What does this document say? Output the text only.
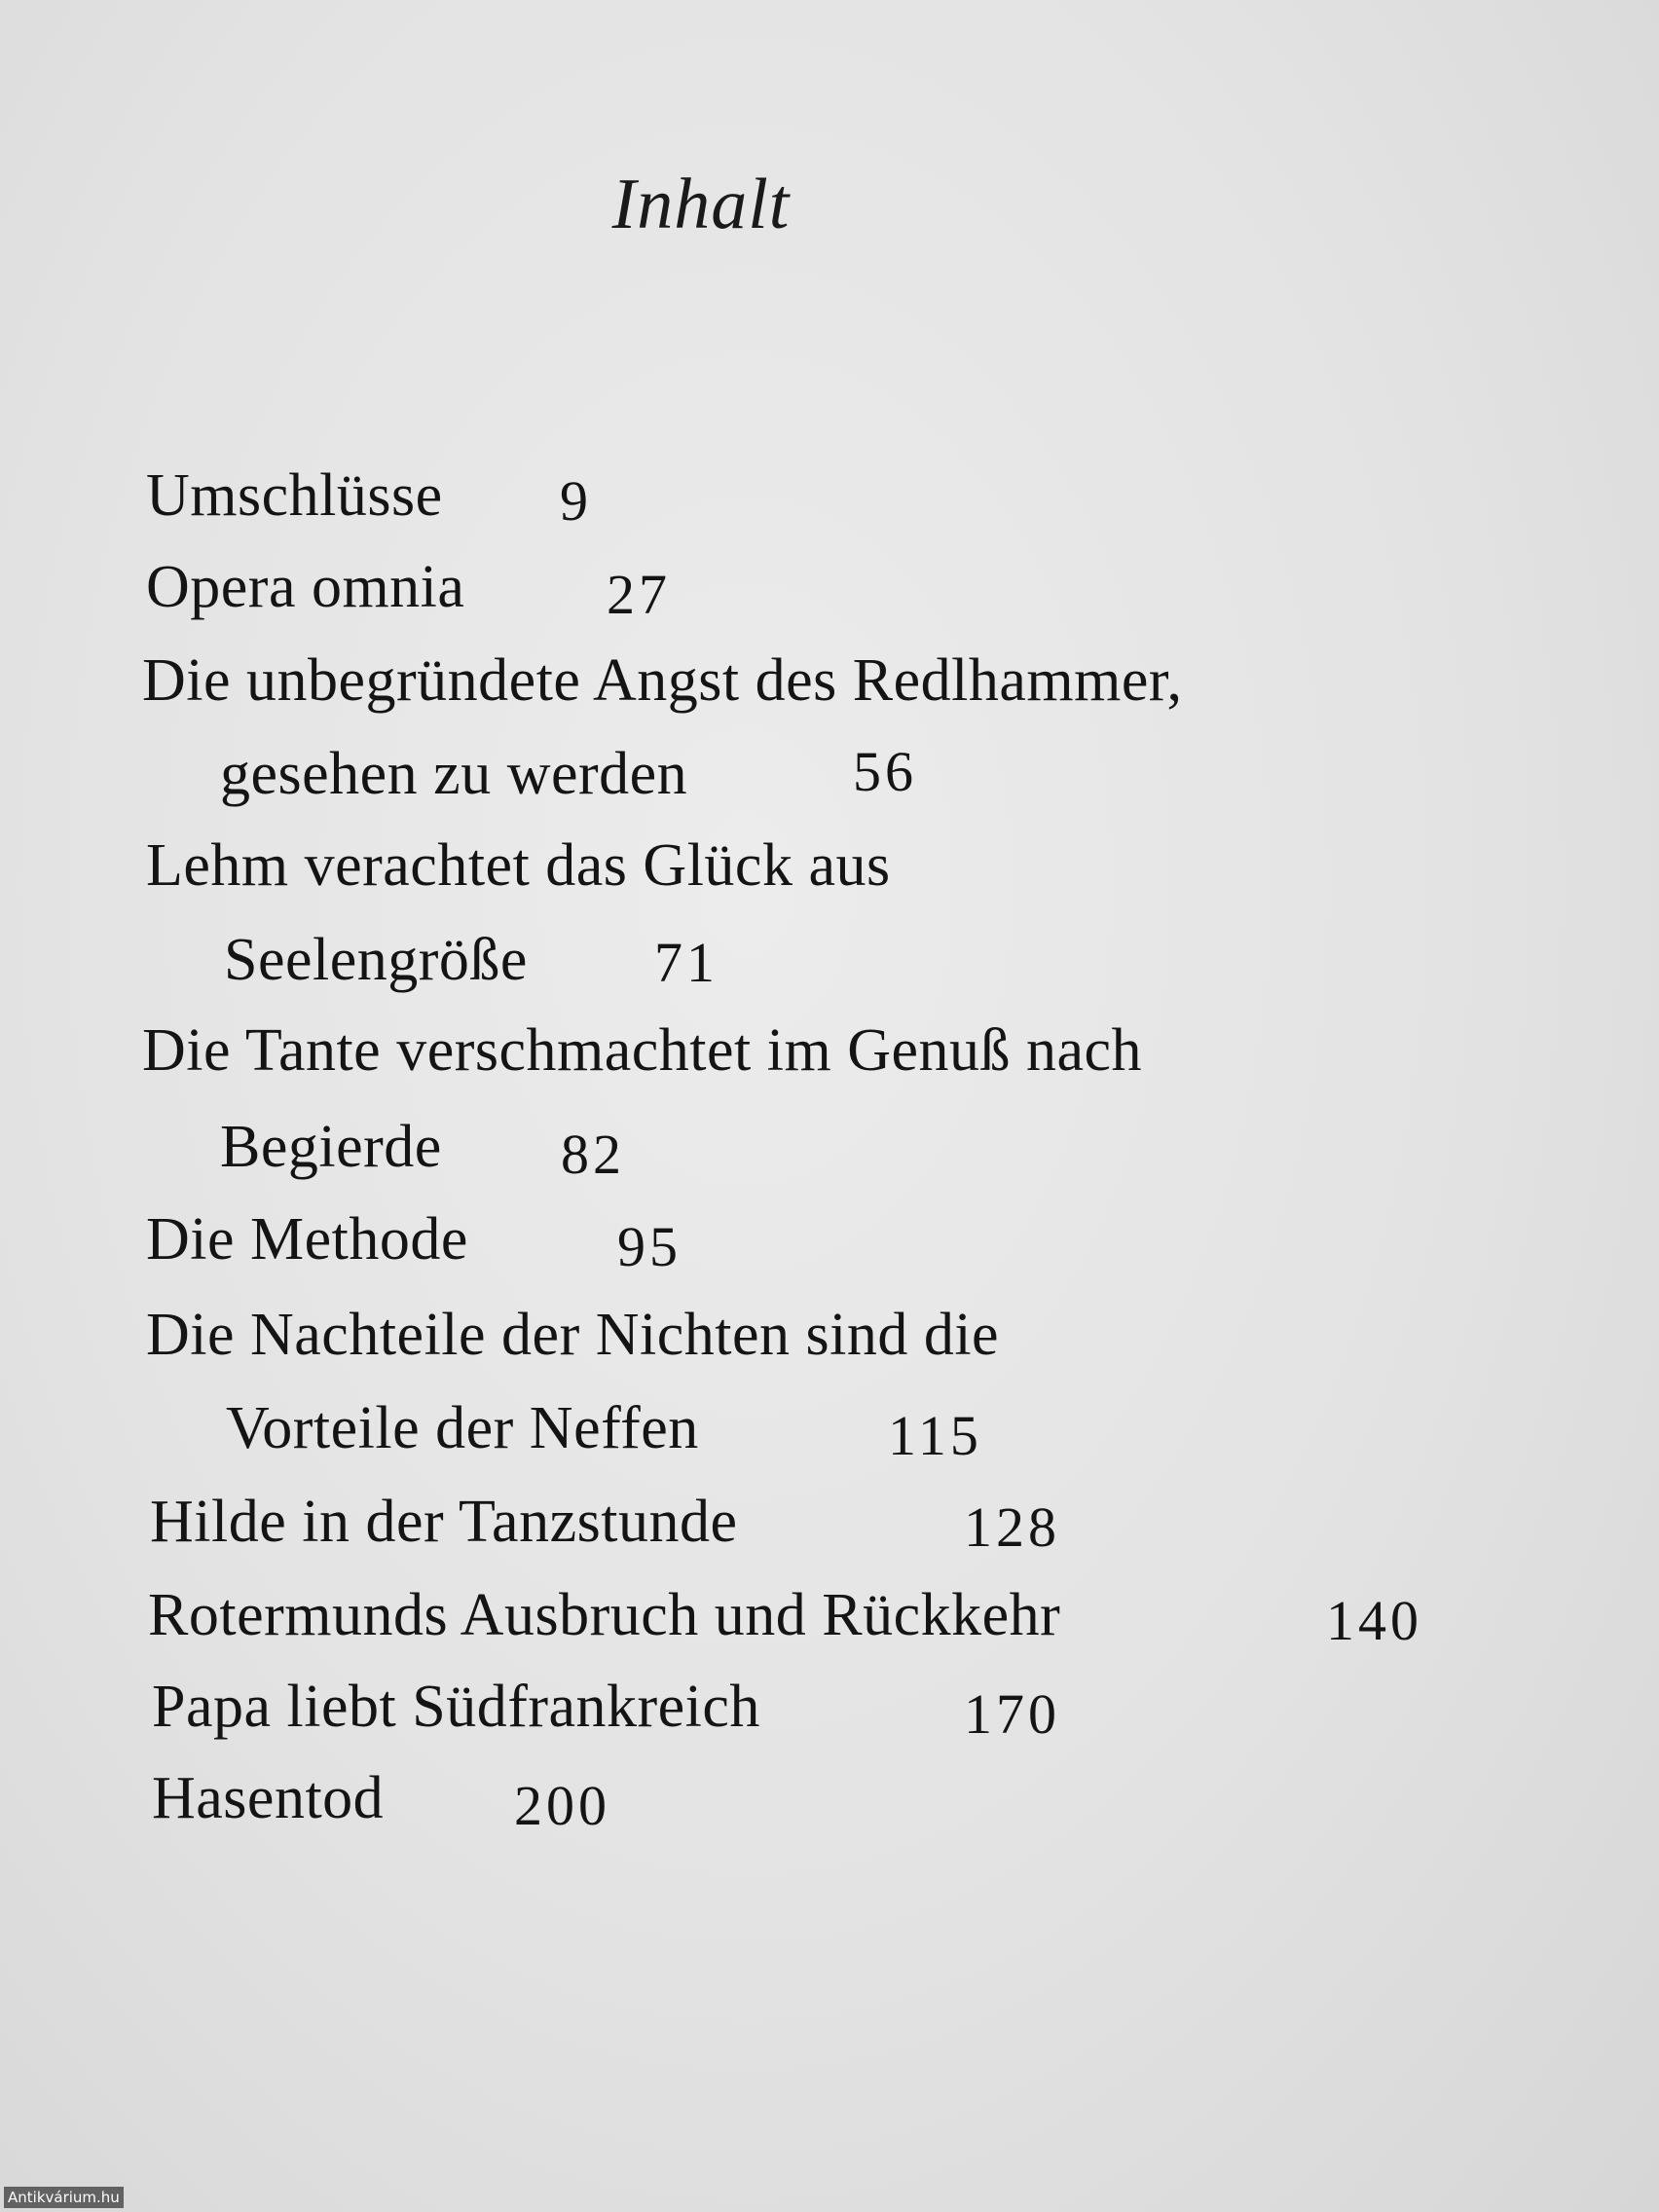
Inhalt
Umschlüsse 9
Opera omnia	27
Die unbegründete Angst des Redlhammer,
gesehen zu werden	56
Lehm verachtet das Glück aus
Seelengröße 71
Die Tante verschmachtet im Genuß nach
Begierde 82
Die Methode	95
Die Nachteile der Nichten sind die
Vorteile der Neffen	115
Hilde in der Tanzstunde	128
Rotermunds Ausbruch und Rückkehr	140
Papa liebt Südfrankreich	170
Hasentod 200
Antikvárium.hu
